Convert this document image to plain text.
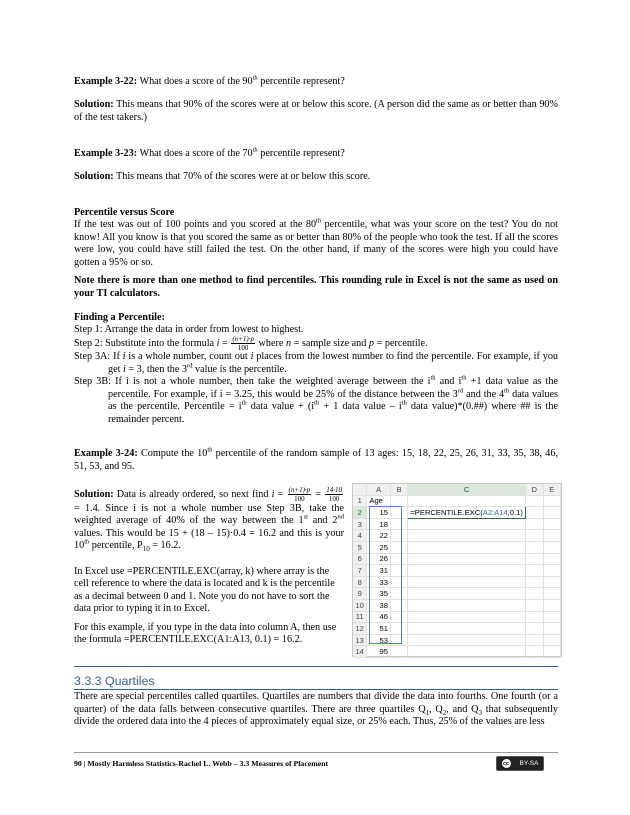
Example 3-22: What does a score of the 90th percentile represent?

Solution: This means that 90% of the scores were at or below this score. (A person did the same as or better than 90% of the test takers.)

Example 3-23: What does a score of the 70th percentile represent?

Solution: This means that 70% of the scores were at or below this score.

Percentile versus Score

If the test was out of 100 points and you scored at the 80th percentile, what was your score on the test? You do not know! All you know is that you scored the same as or better than 80% of the people who took the test. If all the scores were low, you could have still failed the test. On the other hand, if many of the scores were high you could have gotten a 95% or so.

Note there is more than one method to find percentiles. This rounding rule in Excel is not the same as used on your TI calculators.

Finding a Percentile:

Step 1: Arrange the data in order from lowest to highest.

Step 2: Substitute into the formula $i = \frac{(n+1)\cdot p}{100}$ where n = sample size and p = percentile.

Step 3A: If i is a whole number, count out i places from the lowest number to find the percentile. For example, if you get i = 3, then the 3rd value is the percentile.

Step 3B: If i is not a whole number, then take the weighted average between the $i^{th}$ and $i^{th} +1$ data value as the percentile. For example, if i = 3.25, this would be 25% of the distance between the 3rd and the 4th data values as the percentile. Percentile = $i^{th}$ data value + ($i^{th} + 1$ data value – $i^{th}$ data value)*(0.##) where ## is the remainder percent.

Example 3-24: Compute the 10th percentile of the random sample of 13 ages: 15, 18, 22, 25, 26, 31, 33, 35, 38, 46, 51, 53, and 95.

Solution: Data is already ordered, so next find $i = \frac{(n+1)\cdot p}{100} = \frac{14\cdot 10}{100}$
= 1.4. Since i is not a whole number use Step 3B, take the weighted average of 40% of the way between the 1st and 2nd values. This would be 15 + (18 – 15)·0.4 = 16.2 and this is your 10th percentile, $P_{10} = 16.2$.

In Excel use =PERCENTILE.EXC(array, k) where array is the cell reference to where the data is located and k is the percentile as a decimal between 0 and 1. Note you do not have to sort the data prior to typing it in to Excel.

For this example, if you type in the data into column A, then use the formula =PERCENTILE.EXC(A1:A13, 0.1) = 16.2.

	A	B	C	D	E
1	Age				
2	15		=PERCENTILE.EXC(A2:A14,0.1)		
3	18				
4	22				
5	25				
6	26				
7	31				
8	33				
9	35				
10	38				
11	46				
12	51				
13	53				
14	95				
3.3.3 Quartiles

There are special percentiles called quartiles. Quartiles are numbers that divide the data into fourths. One fourth (or a quarter) of the data falls between consecutive quartiles. There are three quartiles $Q_1$, $Q_2$, and $Q_3$ that subsequently divide the ordered data into the 4 pieces of approximately equal size, or 25% each. Thus, 25% of the values are less

90 | Mostly Harmless Statistics-Rachel L. Webb – 3.3 Measures of Placement	cc BY-SA
